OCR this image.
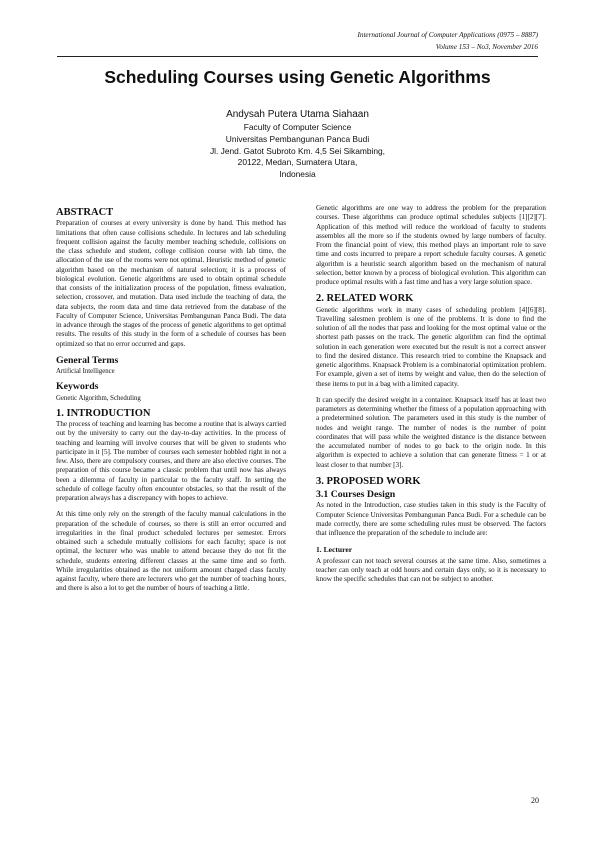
International Journal of Computer Applications (0975 – 8887)
Volume 153 – No3, November 2016
Scheduling Courses using Genetic Algorithms
Andysah Putera Utama Siahaan
Faculty of Computer Science
Universitas Pembangunan Panca Budi
Jl. Jend. Gatot Subroto Km. 4,5 Sei Sikambing,
20122, Medan, Sumatera Utara,
Indonesia
ABSTRACT

Preparation of courses at every university is done by hand. This method has limitations that often cause collisions schedule. In lectures and lab scheduling frequent collision against the faculty member teaching schedule, collisions on the class schedule and student, college collision course with lab time, the allocation of the use of the rooms were not optimal. Heuristic method of genetic algorithm based on the mechanism of natural selection; it is a process of biological evolution. Genetic algorithms are used to obtain optimal schedule that consists of the initialization process of the population, fitness evaluation, selection, crossover, and mutation. Data used include the teaching of data, the data subjects, the room data and time data retrieved from the database of the Faculty of Computer Science, Universitas Pembangunan Panca Budi. The data in advance through the stages of the process of genetic algorithms to get optimal results. The results of this study in the form of a schedule of courses has been optimized so that no error occurred and gaps.

General Terms

Artificial Intelligence

Keywords

Genetic Algorithm, Scheduling

1. INTRODUCTION

The process of teaching and learning has become a routine that is always carried out by the university to carry out the day-to-day activities. In the process of teaching and learning will involve courses that will be given to students who participate in it [5]. The number of courses each semester hobbled right in not a few. Also, there are compulsory courses, and there are also elective courses. The preparation of this course became a classic problem that until now has always been a dilemma of faculty in particular to the faculty staff. In setting the schedule of college faculty often encounter obstacles, so that the result of the preparation always has a discrepancy with hopes to achieve.

At this time only rely on the strength of the faculty manual calculations in the preparation of the schedule of courses, so there is still an error occurred and irregularities in the final product scheduled lectures per semester. Errors obtained such a schedule mutually collisions for each faculty; space is not optimal, the lecturer who was unable to attend because they do not fit the schedule, students entering different classes at the same time and so forth. While irregularities obtained as the not uniform amount charged class faculty against faculty, where there are lecturers who get the number of teaching hours, and there is also a lot to get the number of hours of teaching a little.

Genetic algorithms are one way to address the problem for the preparation courses. These algorithms can produce optimal schedules subjects [1][2][7]. Application of this method will reduce the workload of faculty to students assembles all the more so if the students owned by large numbers of faculty. From the financial point of view, this method plays an important role to save time and costs incurred to prepare a report schedule faculty courses. A genetic algorithm is a heuristic search algorithm based on the mechanism of natural selection, better known by a process of biological evolution. This algorithm can produce optimal results with a fast time and has a very large solution space.

2. RELATED WORK

Genetic algorithms work in many cases of scheduling problem [4][6][8]. Travelling salesmen problem is one of the problems. It is done to find the solution of all the nodes that pass and looking for the most optimal value or the shortest path passes on the track. The genetic algorithm can find the optimal solution in each generation were executed but the result is not a correct answer to find the desired distance. This research tried to combine the Knapsack and genetic algorithms. Knapsack Problem is a combinatorial optimization problem. For example, given a set of items by weight and value, then do the selection of these items to put in a bag with a limited capacity.

It can specify the desired weight in a container. Knapsack itself has at least two parameters as determining whether the fitness of a population approaching with a predetermined solution. The parameters used in this study is the number of nodes and weight range. The number of nodes is the number of point coordinates that will pass while the weighted distance is the distance between the accumulated number of nodes to go back to the origin node. In this algorithm is expected to achieve a solution that can generate fitness = 1 or at least closer to that number [3].

3. PROPOSED WORK
3.1 Courses Design

As noted in the Introduction, case studies taken in this study is the Faculty of Computer Science Universitas Pembangunan Panca Budi. For a schedule can be made correctly, there are some scheduling rules must be observed. The factors that influence the preparation of the schedule to include are:

1. Lecturer

A professor can not teach several courses at the same time. Also, sometimes a teacher can only teach at odd hours and certain days only, so it is necessary to know the specific schedules that can not be subject to another.

20
